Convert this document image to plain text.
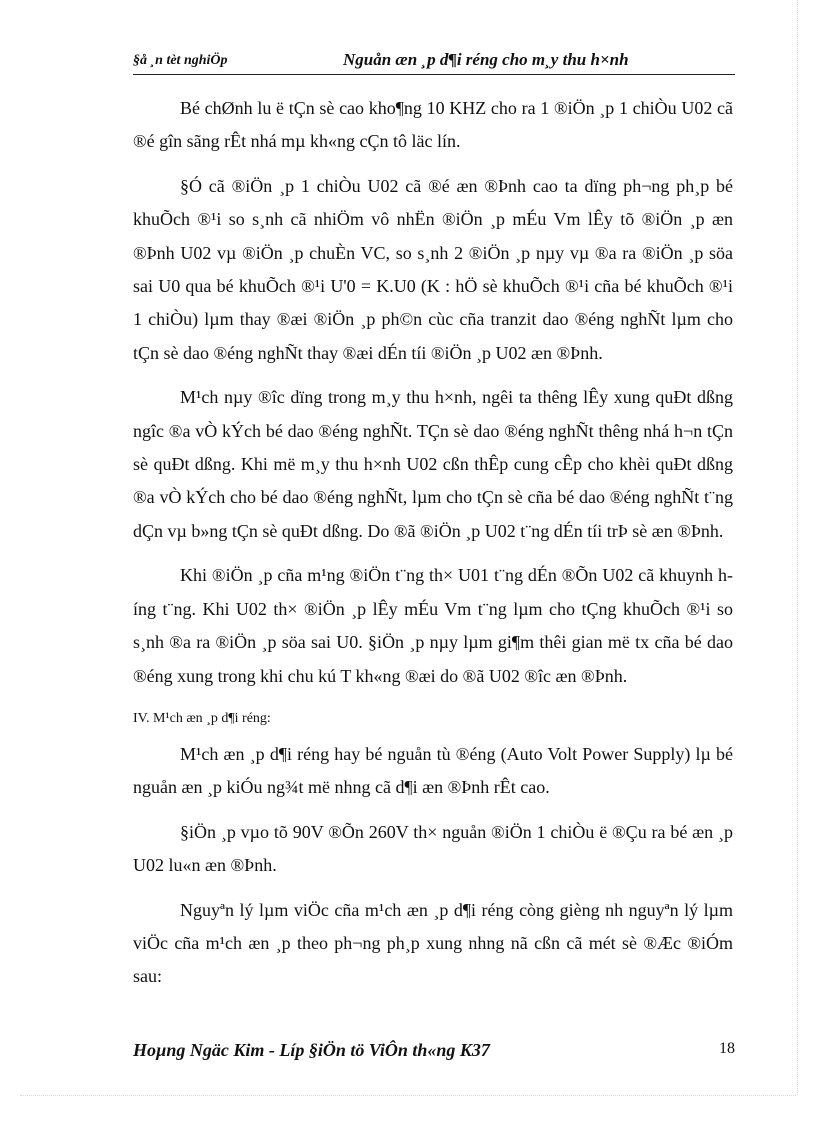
§å ¸n tèt nghiÖp	Nguån æn ¸p d¶i réng cho m¸y thu h×nh

Bé chØnh lu ë tÇn sè cao kho¶ng 10 KHZ cho ra 1 ®iÖn ¸p 1 chiÒu U02 cã ®é gîn sãng rÊt nhá mµ kh«ng cÇn tô läc lín.

§Ó cã ®iÖn ¸p 1 chiÒu U02 cã ®é æn ®Þnh cao ta dïng ph¬ng ph¸p bé khuÕch ®¹i so s¸nh cã nhiÖm vô nhËn ®iÖn ¸p mÉu Vm lÊy tõ ®iÖn ¸p æn ®Þnh U02 vµ ®iÖn ¸p chuÈn VC, so s¸nh 2 ®iÖn ¸p nµy vµ ®a ra ®iÖn ¸p söa sai U0 qua bé khuÕch ®¹i U'0 = K.U0 (K : hÖ sè khuÕch ®¹i cña bé khuÕch ®¹i 1 chiÒu) lµm thay ®æi ®iÖn ¸p ph©n cùc cña tranzit dao ®éng nghÑt lµm cho tÇn sè dao ®éng nghÑt thay ®æi dÉn tíi ®iÖn ¸p U02 æn ®Þnh.

M¹ch nµy ®îc dïng trong m¸y thu h×nh, ngêi ta thêng lÊy xung quÐt dßng ngîc ®a vÒ kÝch bé dao ®éng nghÑt. TÇn sè dao ®éng nghÑt thêng nhá h¬n tÇn sè quÐt dßng. Khi më m¸y thu h×nh U02 cßn thÊp cung cÊp cho khèi quÐt dßng ®a vÒ kÝch cho bé dao ®éng nghÑt, lµm cho tÇn sè cña bé dao ®éng nghÑt t¨ng dÇn vµ b»ng tÇn sè quÐt dßng. Do ®ã ®iÖn ¸p U02 t¨ng dÉn tíi trÞ sè æn ®Þnh.

Khi ®iÖn ¸p cña m¹ng ®iÖn t¨ng th× U01 t¨ng dÉn ®Õn U02 cã khuynh híng t¨ng. Khi U02 th× ®iÖn ¸p lÊy mÉu Vm t¨ng lµm cho tÇng khuÕch ®¹i so s¸nh ®a ra ®iÖn ¸p söa sai U0. §iÖn ¸p nµy lµm gi¶m thêi gian më tx cña bé dao ®éng xung trong khi chu kú T kh«ng ®æi do ®ã U02 ®îc æn ®Þnh.

IV. M¹ch æn ¸p d¶i réng:

M¹ch æn ¸p d¶i réng hay bé nguån tù ®éng (Auto Volt Power Supply) lµ bé nguån æn ¸p kiÓu ng¾t më nhng cã d¶i æn ®Þnh rÊt cao.

§iÖn ¸p vµo tõ 90V ®Õn 260V th× nguån ®iÖn 1 chiÒu ë ®Çu ra bé æn ¸p U02 lu«n æn ®Þnh.

Nguyªn lý lµm viÖc cña m¹ch æn ¸p d¶i réng còng gièng nh nguyªn lý lµm viÖc cña m¹ch æn ¸p theo ph¬ng ph¸p xung nhng nã cßn cã mét sè ®Æc ®iÓm sau:

Hoµng Ngäc Kim - Líp §iÖn tö ViÔn th«ng K37	18
